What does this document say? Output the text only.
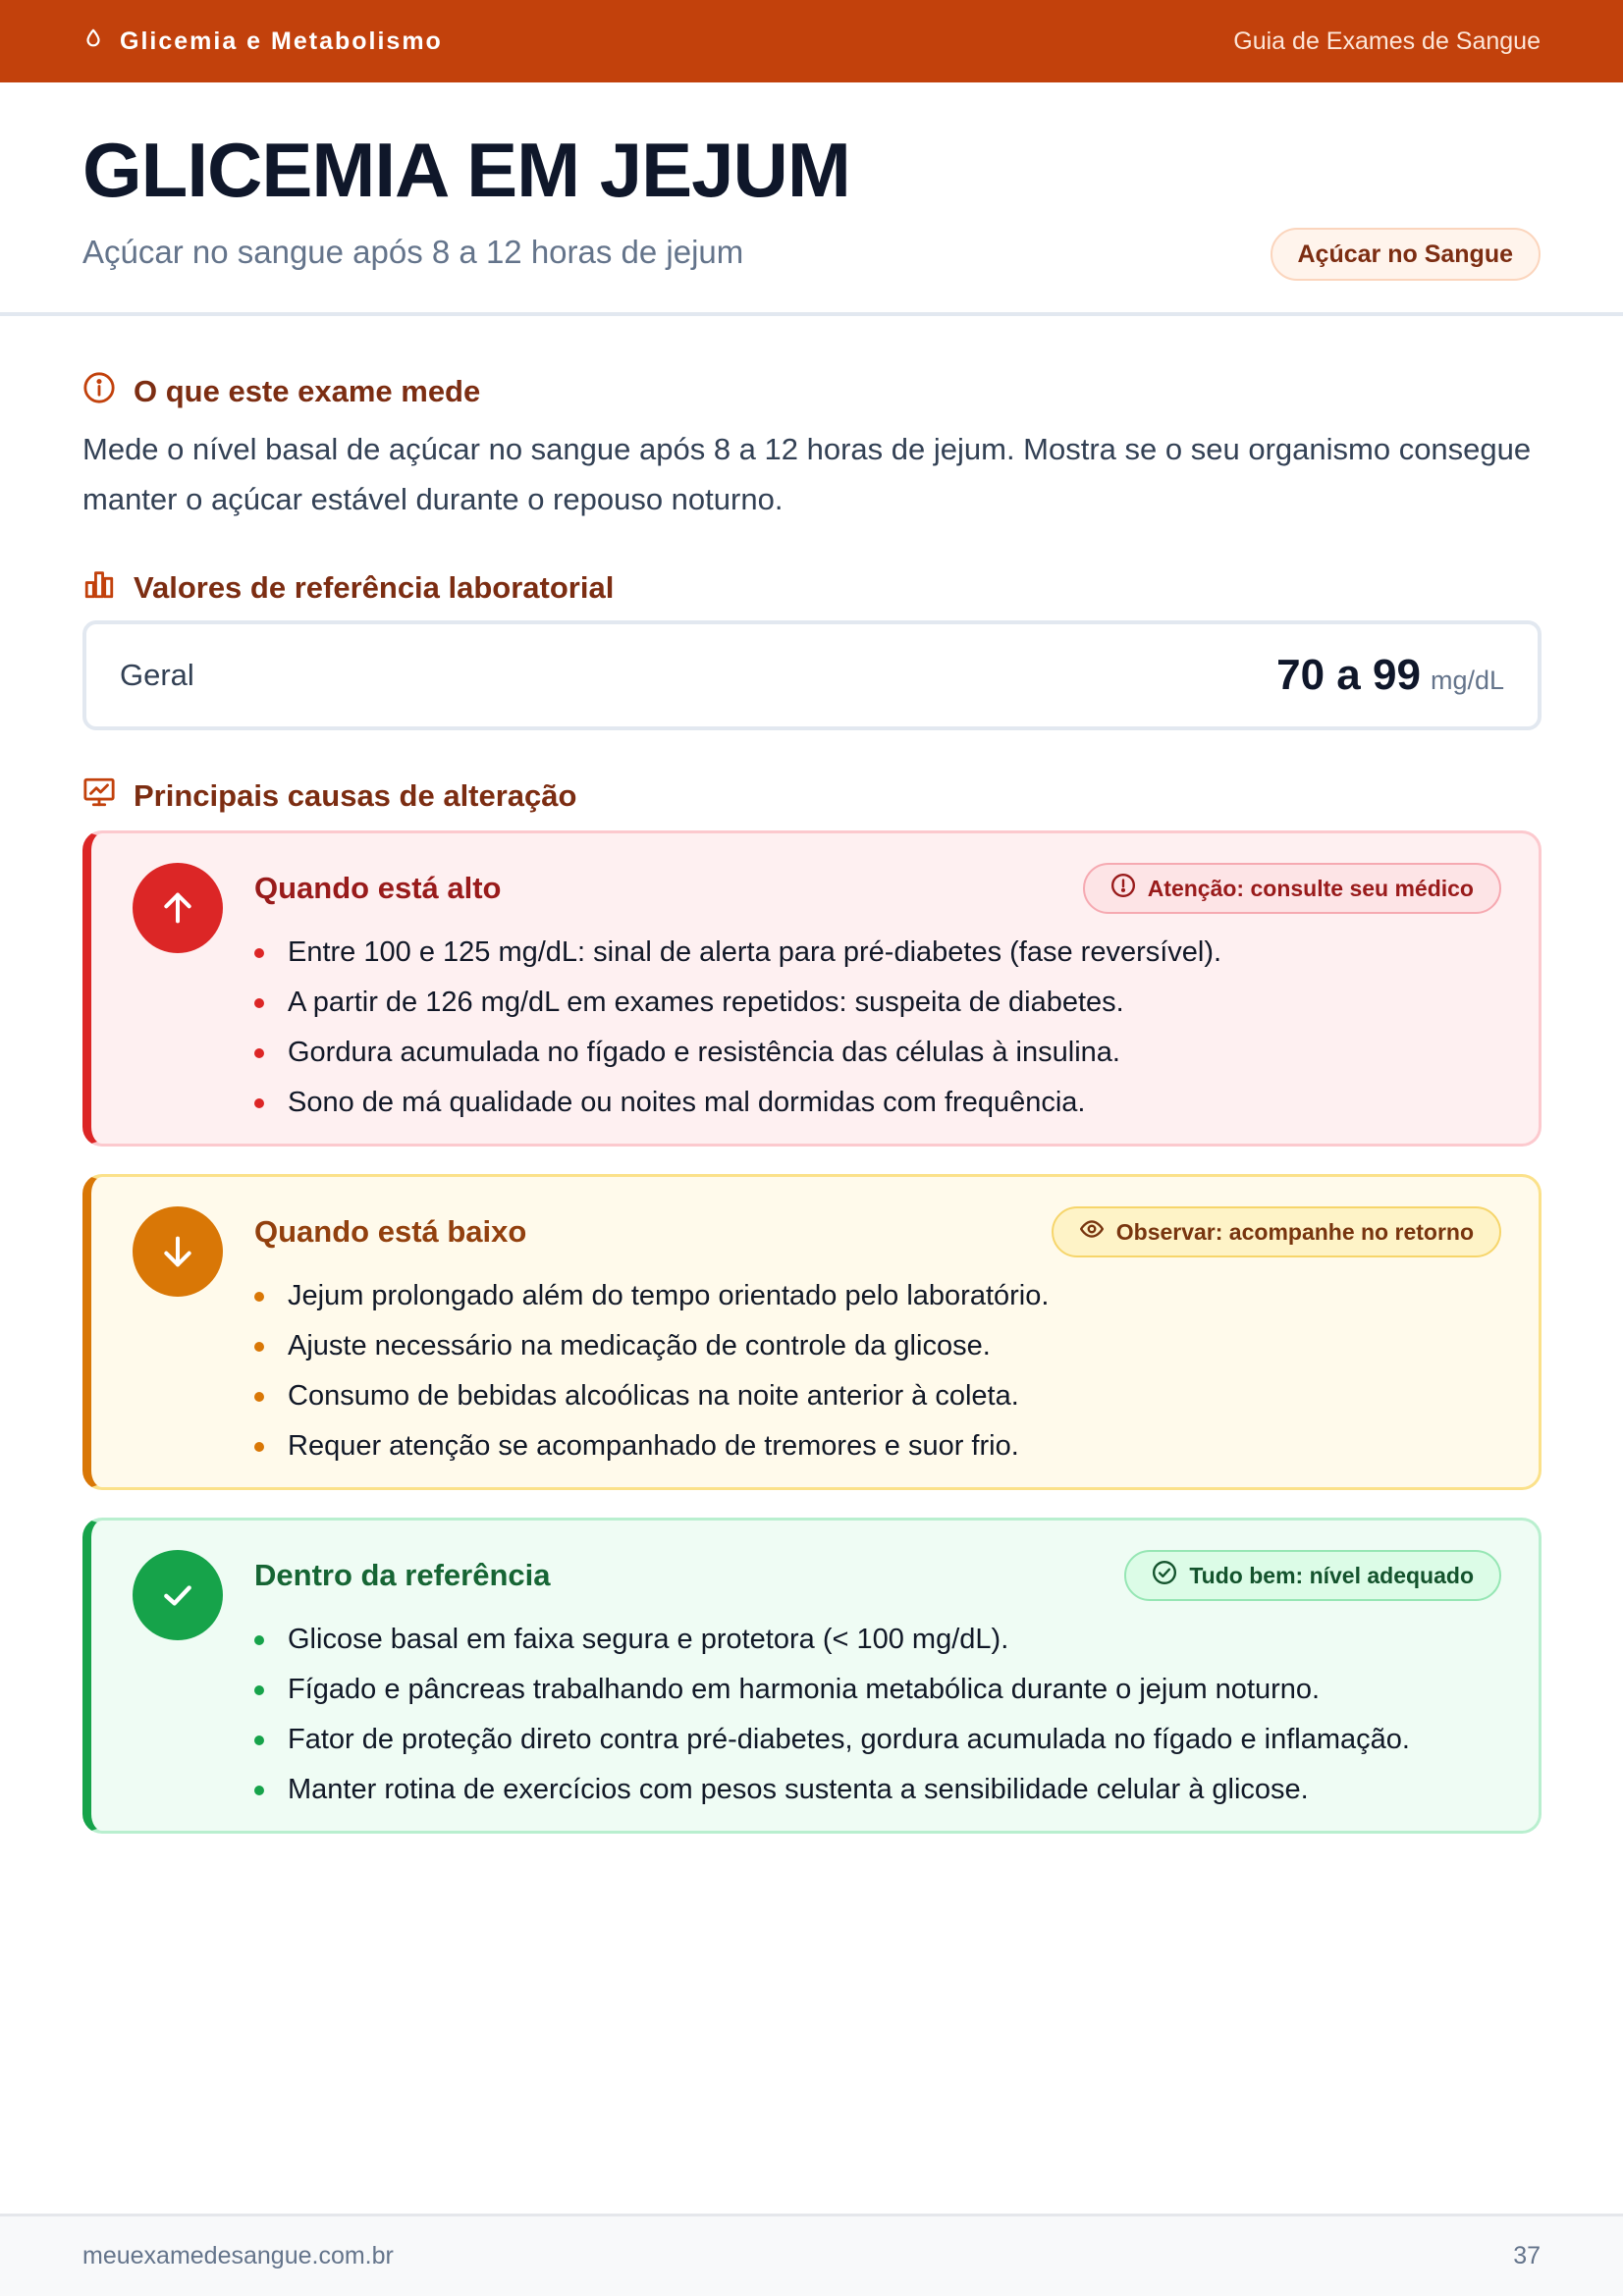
Glicemia e Metabolismo	Guia de Exames de Sangue
GLICEMIA EM JEJUM
Açúcar no sangue após 8 a 12 horas de jejum	Açúcar no Sangue
O que este exame mede
Mede o nível basal de açúcar no sangue após 8 a 12 horas de jejum. Mostra se o seu organismo consegue manter o açúcar estável durante o repouso noturno.
Valores de referência laboratorial
Geral	70 a 99 mg/dL
Principais causas de alteração
Quando está alto	Atenção: consulte seu médico
Entre 100 e 125 mg/dL: sinal de alerta para pré-diabetes (fase reversível).
A partir de 126 mg/dL em exames repetidos: suspeita de diabetes.
Gordura acumulada no fígado e resistência das células à insulina.
Sono de má qualidade ou noites mal dormidas com frequência.
Quando está baixo	Observar: acompanhe no retorno
Jejum prolongado além do tempo orientado pelo laboratório.
Ajuste necessário na medicação de controle da glicose.
Consumo de bebidas alcoólicas na noite anterior à coleta.
Requer atenção se acompanhado de tremores e suor frio.
Dentro da referência	Tudo bem: nível adequado
Glicose basal em faixa segura e protetora (< 100 mg/dL).
Fígado e pâncreas trabalhando em harmonia metabólica durante o jejum noturno.
Fator de proteção direto contra pré-diabetes, gordura acumulada no fígado e inflamação.
Manter rotina de exercícios com pesos sustenta a sensibilidade celular à glicose.
meuexamedesangue.com.br	37
